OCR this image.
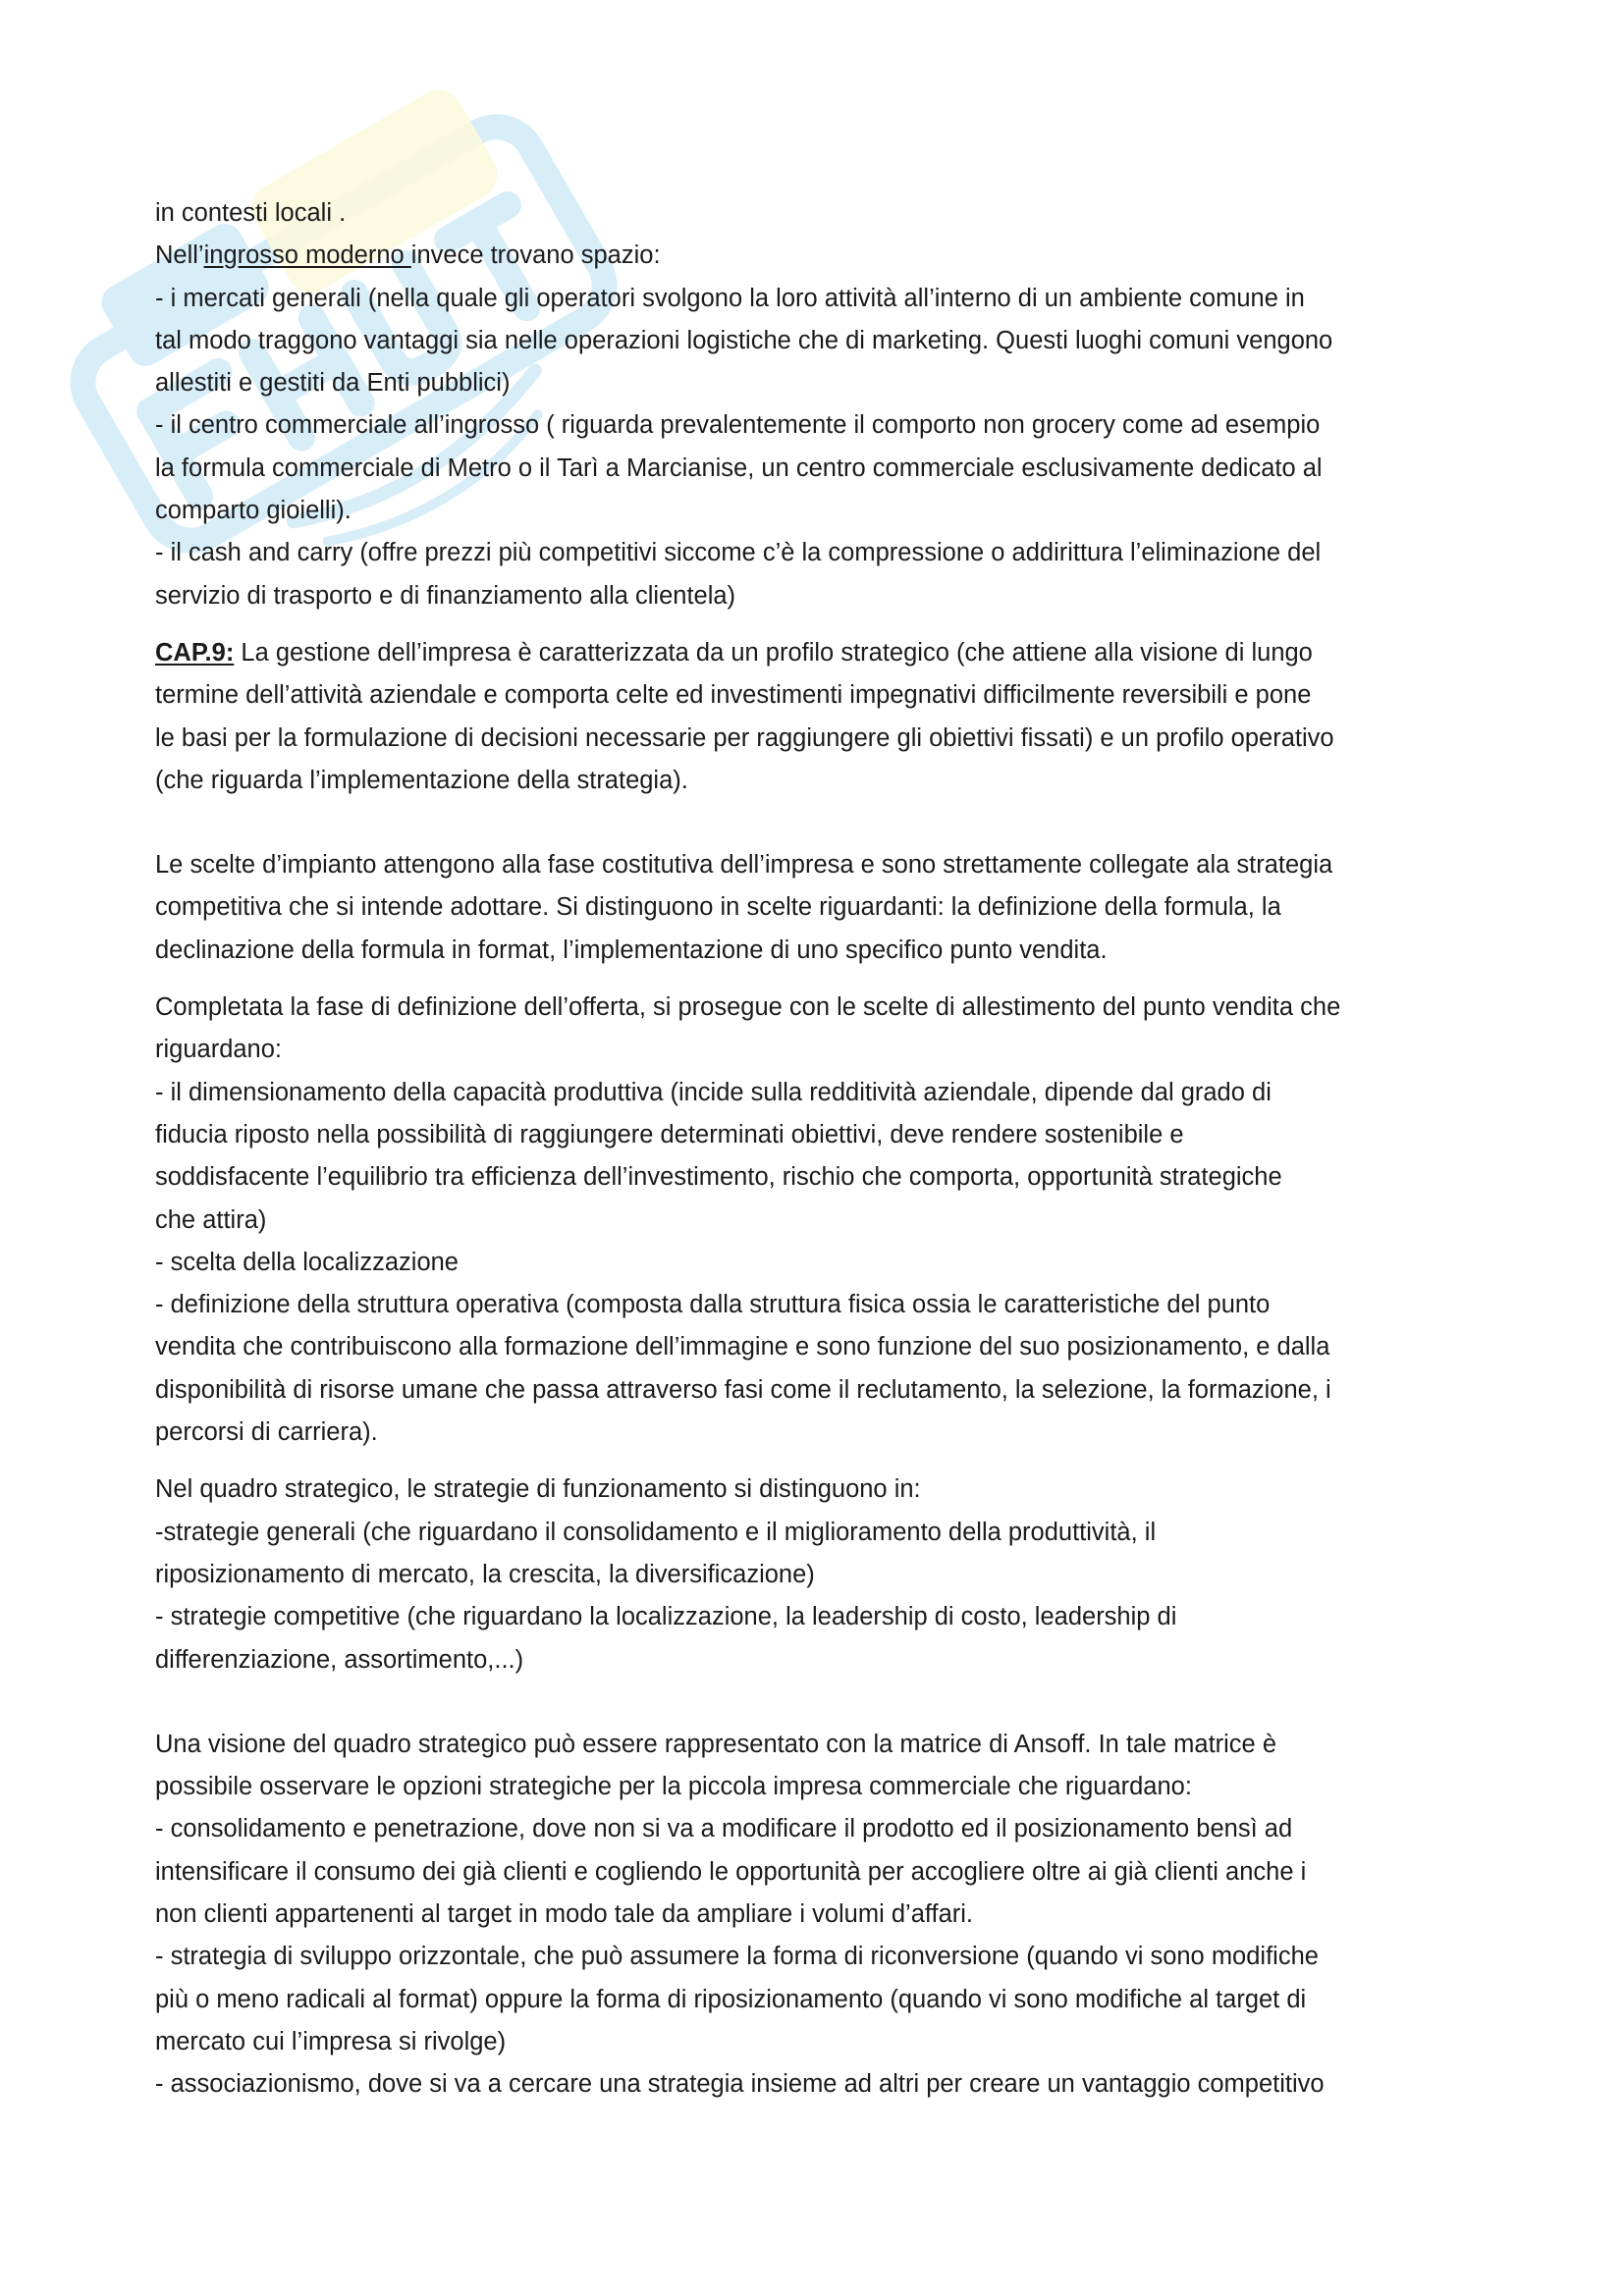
in contesti locali .
Nell’ingrosso moderno invece trovano spazio:
- i mercati generali (nella quale gli operatori svolgono la loro attività all’interno di un ambiente comune in
tal modo traggono vantaggi sia nelle operazioni logistiche che di marketing. Questi luoghi comuni vengono
allestiti e gestiti da Enti pubblici)
- il centro commerciale all’ingrosso ( riguarda prevalentemente il comporto non grocery come ad esempio
la formula commerciale di Metro o il Tarì a Marcianise, un centro commerciale esclusivamente dedicato al
comparto gioielli).
- il cash and carry (offre prezzi più competitivi siccome c’è la compressione o addirittura l’eliminazione del
servizio di trasporto e di finanziamento alla clientela)
CAP.9: La gestione dell’impresa è caratterizzata da un profilo strategico (che attiene alla visione di lungo
termine dell’attività aziendale e comporta celte ed investimenti impegnativi difficilmente reversibili e pone
le basi per la formulazione di decisioni necessarie per raggiungere gli obiettivi fissati) e un profilo operativo
(che riguarda l’implementazione della strategia).
Le scelte d’impianto attengono alla fase costitutiva dell’impresa e sono strettamente collegate ala strategia
competitiva che si intende adottare. Si distinguono in scelte riguardanti: la definizione della formula, la
declinazione della formula in format, l’implementazione di uno specifico punto vendita.
Completata la fase di definizione dell’offerta, si prosegue con le scelte di allestimento del punto vendita che
riguardano:
- il dimensionamento della capacità produttiva (incide sulla redditività aziendale, dipende dal grado di
fiducia riposto nella possibilità di raggiungere determinati obiettivi, deve rendere sostenibile e
soddisfacente l’equilibrio tra efficienza dell’investimento, rischio che comporta, opportunità strategiche
che attira)
- scelta della localizzazione
- definizione della struttura operativa (composta dalla struttura fisica ossia le caratteristiche del punto
vendita che contribuiscono alla formazione dell’immagine e sono funzione del suo posizionamento, e dalla
disponibilità di risorse umane che passa attraverso fasi come il reclutamento, la selezione, la formazione, i
percorsi di carriera).
Nel quadro strategico, le strategie di funzionamento si distinguono in:
-strategie generali (che riguardano il consolidamento e il miglioramento della produttività, il
riposizionamento di mercato, la crescita, la diversificazione)
- strategie competitive (che riguardano la localizzazione, la leadership di costo, leadership di
differenziazione, assortimento,...)
Una visione del quadro strategico può essere rappresentato con la matrice di Ansoff. In tale matrice è
possibile osservare le opzioni strategiche per la piccola impresa commerciale che riguardano:
- consolidamento e penetrazione, dove non si va a modificare il prodotto ed il posizionamento bensì ad
intensificare il consumo dei già clienti e cogliendo le opportunità per accogliere oltre ai già clienti anche i
non clienti appartenenti al target in modo tale da ampliare i volumi d’affari.
- strategia di sviluppo orizzontale, che può assumere la forma di riconversione (quando vi sono modifiche
più o meno radicali al format) oppure la forma di riposizionamento (quando vi sono modifiche al target di
mercato cui l’impresa si rivolge)
- associazionismo, dove si va a cercare una strategia insieme ad altri per creare un vantaggio competitivo
